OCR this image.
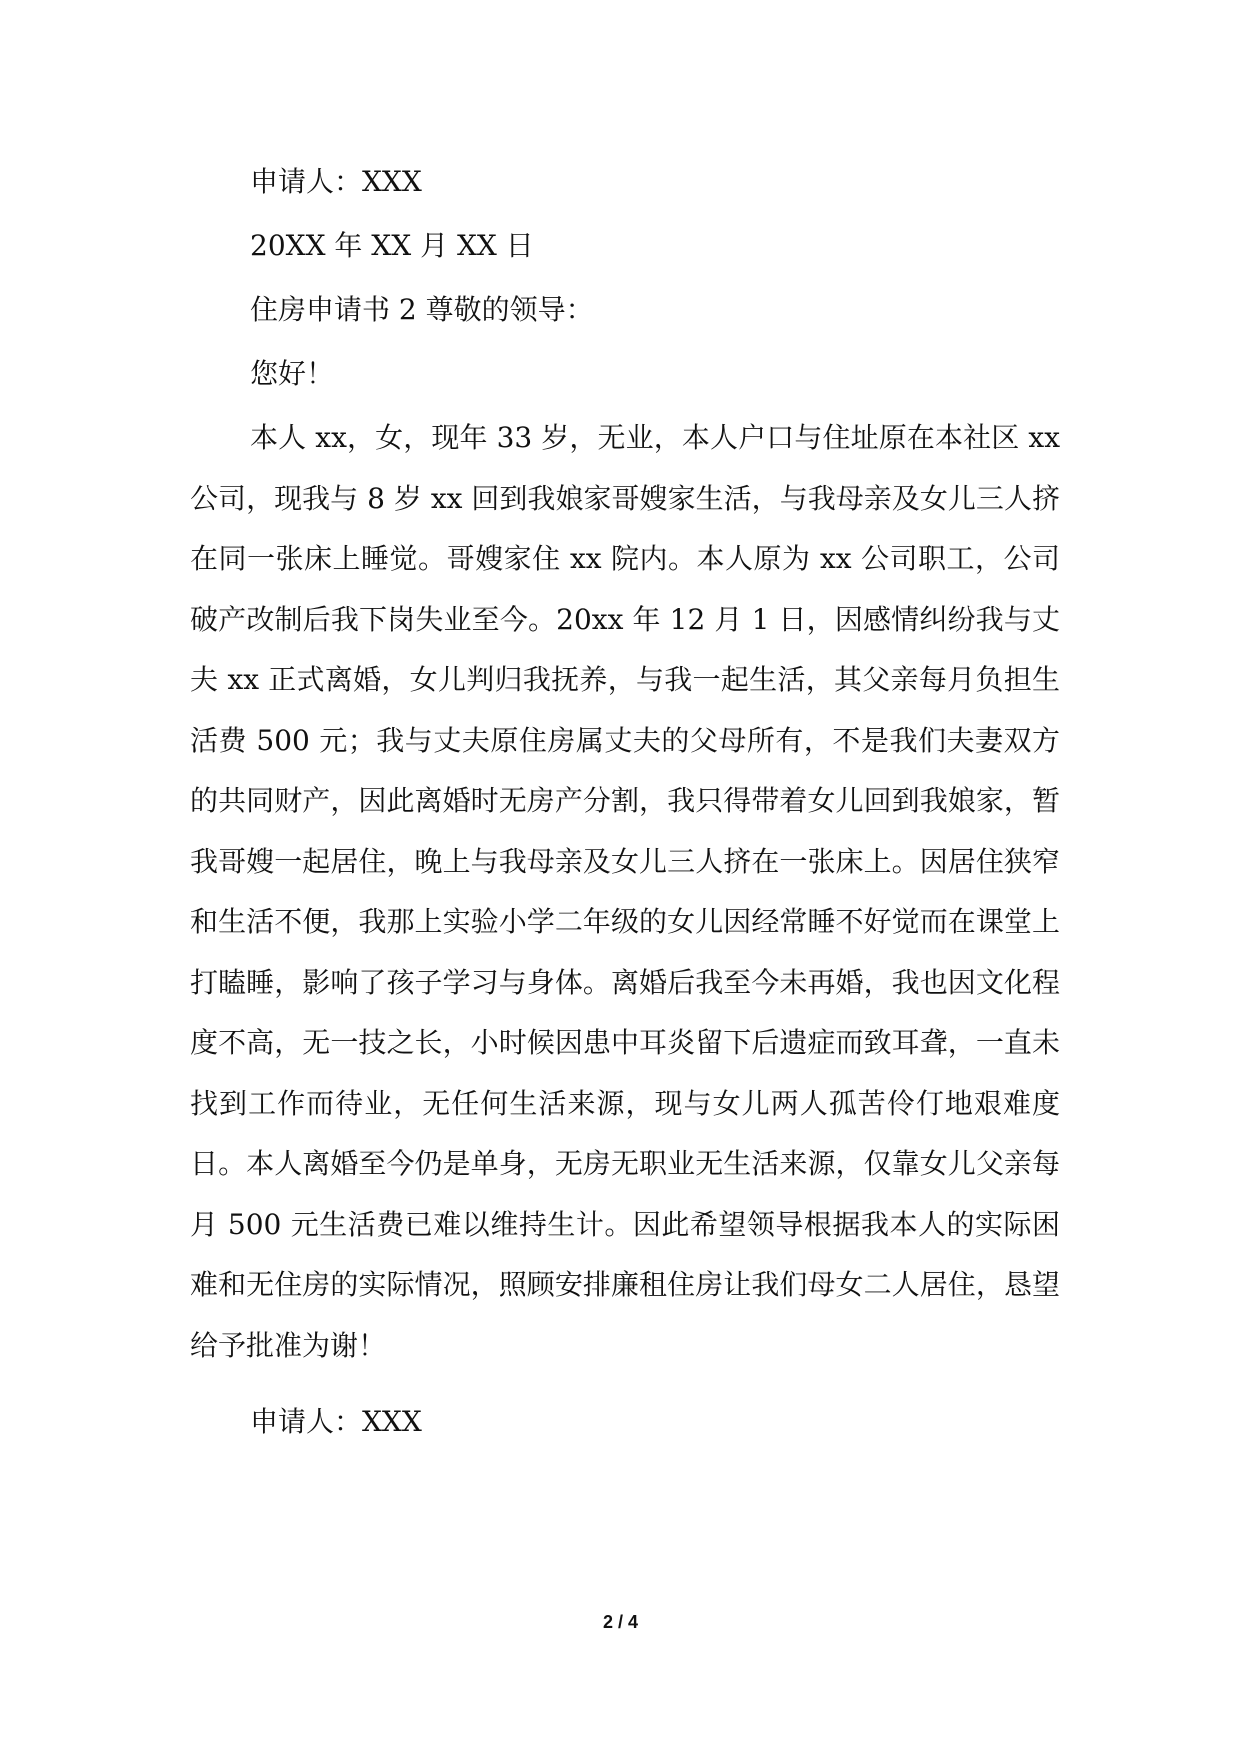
申请人：XXX
20XX 年 XX 月 XX 日
住房申请书 2 尊敬的领导：
您好！
本人 xx，女，现年 33 岁，无业，本人户口与住址原在本社区 xx 公司，现我与 8 岁 xx 回到我娘家哥嫂家生活，与我母亲及女儿三人挤在同一张床上睡觉。哥嫂家住 xx 院内。本人原为 xx 公司职工，公司破产改制后我下岗失业至今。20xx 年 12 月 1 日，因感情纠纷我与丈夫 xx 正式离婚，女儿判归我抚养，与我一起生活，其父亲每月负担生活费 500 元；我与丈夫原住房属丈夫的父母所有，不是我们夫妻双方的共同财产，因此离婚时无房产分割，我只得带着女儿回到我娘家，暂我哥嫂一起居住，晚上与我母亲及女儿三人挤在一张床上。因居住狭窄和生活不便，我那上实验小学二年级的女儿因经常睡不好觉而在课堂上打瞌睡，影响了孩子学习与身体。离婚后我至今未再婚，我也因文化程度不高，无一技之长，小时候因患中耳炎留下后遗症而致耳聋，一直未找到工作而待业，无任何生活来源，现与女儿两人孤苦伶仃地艰难度日。本人离婚至今仍是单身，无房无职业无生活来源，仅靠女儿父亲每月 500 元生活费已难以维持生计。因此希望领导根据我本人的实际困难和无住房的实际情况，照顾安排廉租住房让我们母女二人居住，恳望给予批准为谢！
申请人：XXX
2 / 4
